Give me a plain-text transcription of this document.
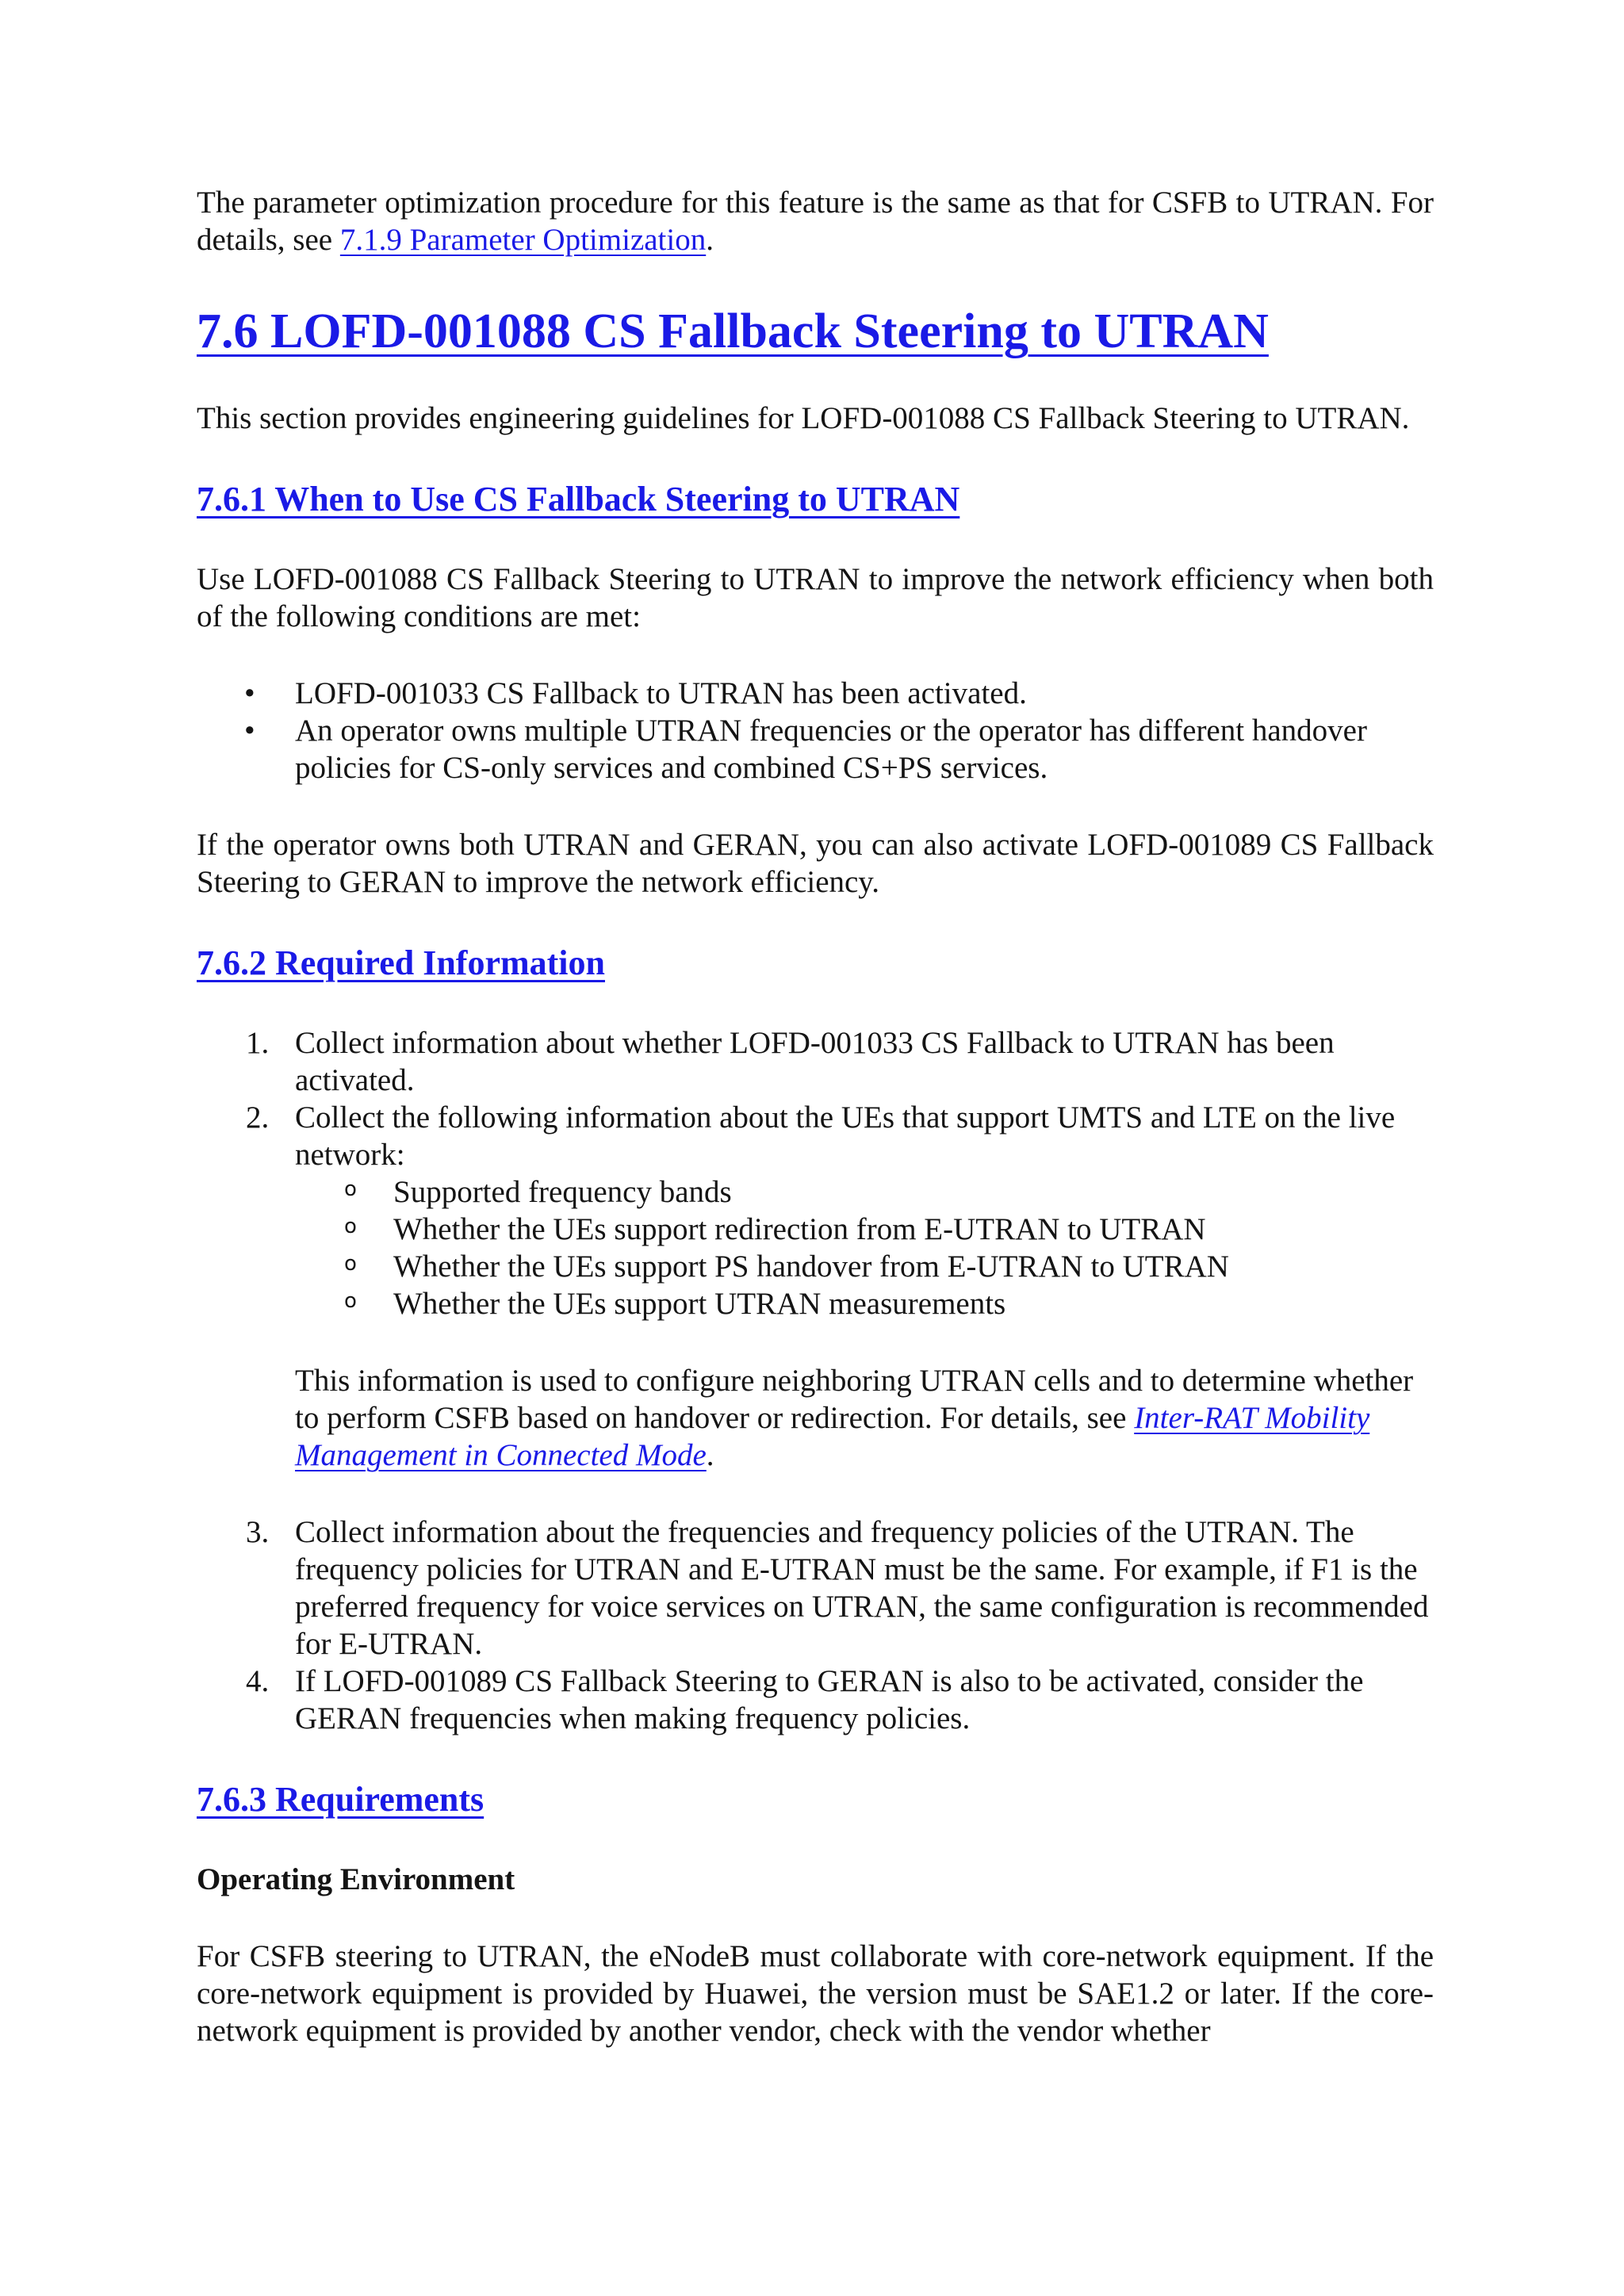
The parameter optimization procedure for this feature is the same as that for CSFB to UTRAN. For details, see 7.1.9 Parameter Optimization.

7.6 LOFD-001088 CS Fallback Steering to UTRAN

This section provides engineering guidelines for LOFD-001088 CS Fallback Steering to UTRAN.

7.6.1 When to Use CS Fallback Steering to UTRAN

Use LOFD-001088 CS Fallback Steering to UTRAN to improve the network efficiency when both of the following conditions are met:

• LOFD-001033 CS Fallback to UTRAN has been activated.
• An operator owns multiple UTRAN frequencies or the operator has different handover policies for CS-only services and combined CS+PS services.

If the operator owns both UTRAN and GERAN, you can also activate LOFD-001089 CS Fallback Steering to GERAN to improve the network efficiency.

7.6.2 Required Information
1. Collect information about whether LOFD-001033 CS Fallback to UTRAN has been activated.
2. Collect the following information about the UEs that support UMTS and LTE on the live network:
o Supported frequency bands
o Whether the UEs support redirection from E-UTRAN to UTRAN
o Whether the UEs support PS handover from E-UTRAN to UTRAN
o Whether the UEs support UTRAN measurements

This information is used to configure neighboring UTRAN cells and to determine whether to perform CSFB based on handover or redirection. For details, see Inter-RAT Mobility Management in Connected Mode.

3. Collect information about the frequencies and frequency policies of the UTRAN. The frequency policies for UTRAN and E-UTRAN must be the same. For example, if F1 is the preferred frequency for voice services on UTRAN, the same configuration is recommended for E-UTRAN.
4. If LOFD-001089 CS Fallback Steering to GERAN is also to be activated, consider the GERAN frequencies when making frequency policies.
7.6.3 Requirements

Operating Environment

For CSFB steering to UTRAN, the eNodeB must collaborate with core-network equipment. If the core-network equipment is provided by Huawei, the version must be SAE1.2 or later. If the core-network equipment is provided by another vendor, check with the vendor whether
